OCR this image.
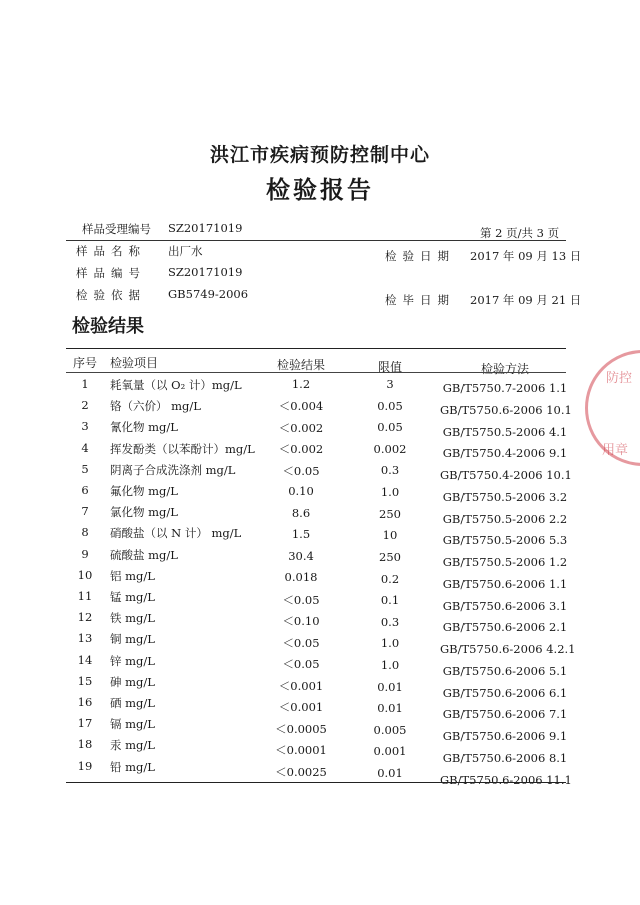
洪江市疾病预防控制中心
检验报告
样品受理编号 SZ20171019	第 2 页/共 3 页
样品名称 出厂水	检验日期 2017 年 09 月 13 日
样品编号 SZ20171019
检验依据 GB5749-2006	检毕日期 2017 年 09 月 21 日
检验结果
序号	检验项目	检验结果	限值	检验方法
1	耗氧量（以 O₂ 计）mg/L	1.2	3	GB/T5750.7-2006 1.1
2	铬（六价） mg/L	＜0.004	0.05	GB/T5750.6-2006 10.1
3	氰化物 mg/L	＜0.002	0.05	GB/T5750.5-2006 4.1
4	挥发酚类（以苯酚计）mg/L	＜0.002	0.002	GB/T5750.4-2006 9.1
5	阴离子合成洗涤剂 mg/L	＜0.05	0.3	GB/T5750.4-2006 10.1
6	氟化物 mg/L	0.10	1.0	GB/T5750.5-2006 3.2
7	氯化物 mg/L	8.6	250	GB/T5750.5-2006 2.2
8	硝酸盐（以 N 计） mg/L	1.5	10	GB/T5750.5-2006 5.3
9	硫酸盐 mg/L	30.4	250	GB/T5750.5-2006 1.2
10	铝 mg/L	0.018	0.2	GB/T5750.6-2006 1.1
11	锰 mg/L	＜0.05	0.1	GB/T5750.6-2006 3.1
12	铁 mg/L	＜0.10	0.3	GB/T5750.6-2006 2.1
13	铜 mg/L	＜0.05	1.0	GB/T5750.6-2006 4.2.1
14	锌 mg/L	＜0.05	1.0	GB/T5750.6-2006 5.1
15	砷 mg/L	＜0.001	0.01	GB/T5750.6-2006 6.1
16	硒 mg/L	＜0.001	0.01	GB/T5750.6-2006 7.1
17	镉 mg/L	＜0.0005	0.005	GB/T5750.6-2006 9.1
18	汞 mg/L	＜0.0001	0.001	GB/T5750.6-2006 8.1
19	铅 mg/L	＜0.0025	0.01	GB/T5750.6-2006 11.1
防控
用章
